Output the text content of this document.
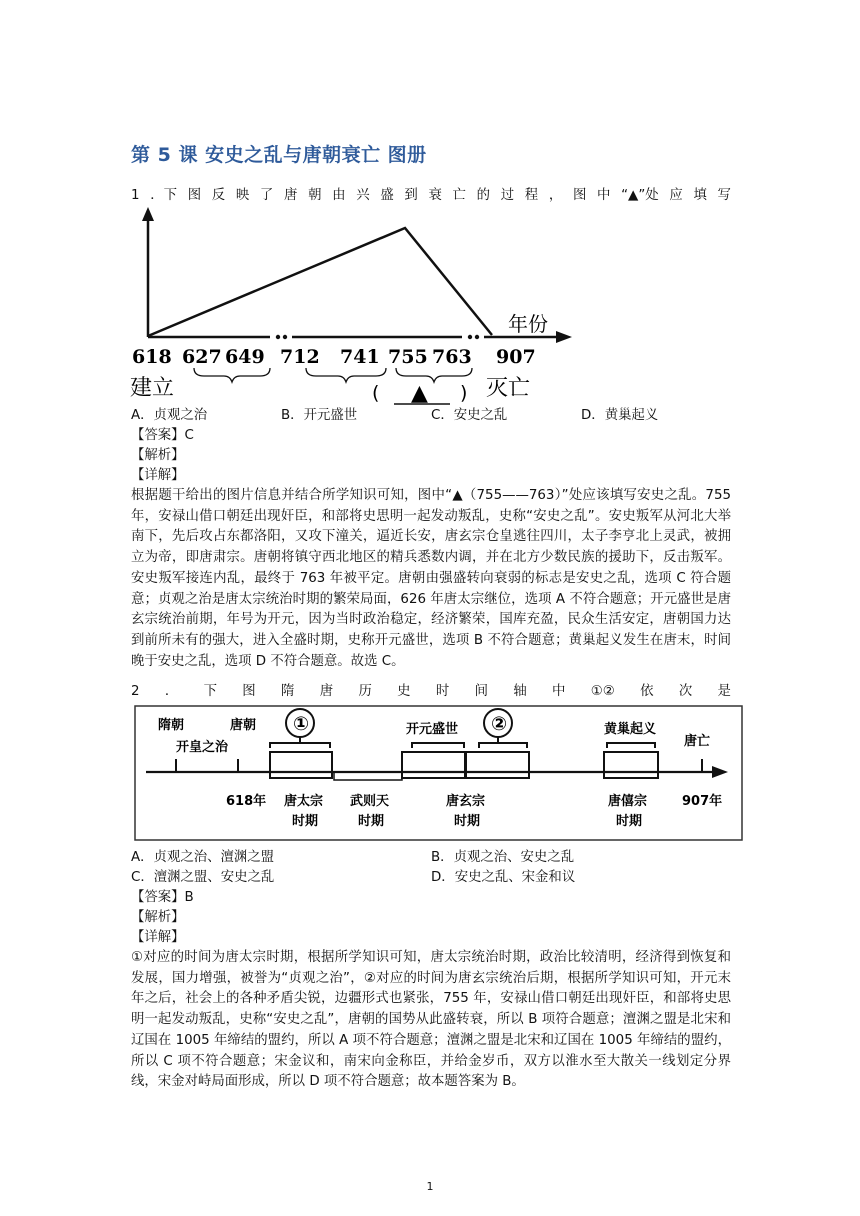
第 5 课 安史之乱与唐朝衰亡 图册
1 ．下 图 反 映 了 唐 朝 由 兴 盛 到 衰 亡 的 过 程 ， 图 中 “▲”处 应 填 写
618 627 649 712 741 755 763 907
年份
( ▲ )
建立	灭亡
A．贞观之治	B．开元盛世	C．安史之乱	D．黄巢起义
【答案】C
【解析】
【详解】
根据题干给出的图片信息并结合所学知识可知，图中“▲（755——763）”处应该填写安史之乱。755 年，安禄山借口朝廷出现奸臣，和部将史思明一起发动叛乱，史称“安史之乱”。安史叛军从河北大举南下，先后攻占东都洛阳，又攻下潼关，逼近长安，唐玄宗仓皇逃往四川，太子李亨北上灵武，被拥立为帝，即唐肃宗。唐朝将镇守西北地区的精兵悉数内调，并在北方少数民族的援助下，反击叛军。安史叛军接连内乱，最终于 763 年被平定。唐朝由强盛转向衰弱的标志是安史之乱，选项 C 符合题意；贞观之治是唐太宗统治时期的繁荣局面，626 年唐太宗继位，选项 A 不符合题意；开元盛世是唐玄宗统治前期，年号为开元，因为当时政治稳定，经济繁荣，国库充盈，民众生活安定，唐朝国力达到前所未有的强大，进入全盛时期，史称开元盛世，选项 B 不符合题意；黄巢起义发生在唐末，时间晚于安史之乱，选项 D 不符合题意。故选 C。
2 ． 下 图 隋 唐 历 史 时 间 轴 中 ①② 依 次 是
①	②
隋朝	唐朝
开皇之治
开元盛世	黄巢起义
唐亡
618年 唐太宗
时期
武则天
时期
唐玄宗
时期
唐僖宗
时期
907年
A．贞观之治、澶渊之盟	B．贞观之治、安史之乱
C．澶渊之盟、安史之乱	D．安史之乱、宋金和议
【答案】B
【解析】
【详解】
①对应的时间为唐太宗时期，根据所学知识可知，唐太宗统治时期，政治比较清明，经济得到恢复和发展，国力增强，被誉为“贞观之治”，②对应的时间为唐玄宗统治后期，根据所学知识可知，开元末年之后，社会上的各种矛盾尖锐，边疆形式也紧张，755 年，安禄山借口朝廷出现奸臣，和部将史思明一起发动叛乱，史称“安史之乱”，唐朝的国势从此盛转衰，所以 B 项符合题意；澶渊之盟是北宋和辽国在 1005 年缔结的盟约，所以 A 项不符合题意；澶渊之盟是北宋和辽国在 1005 年缔结的盟约，所以 C 项不符合题意；宋金议和，南宋向金称臣，并给金岁币，双方以淮水至大散关一线划定分界线，宋金对峙局面形成，所以 D 项不符合题意；故本题答案为 B。
1
